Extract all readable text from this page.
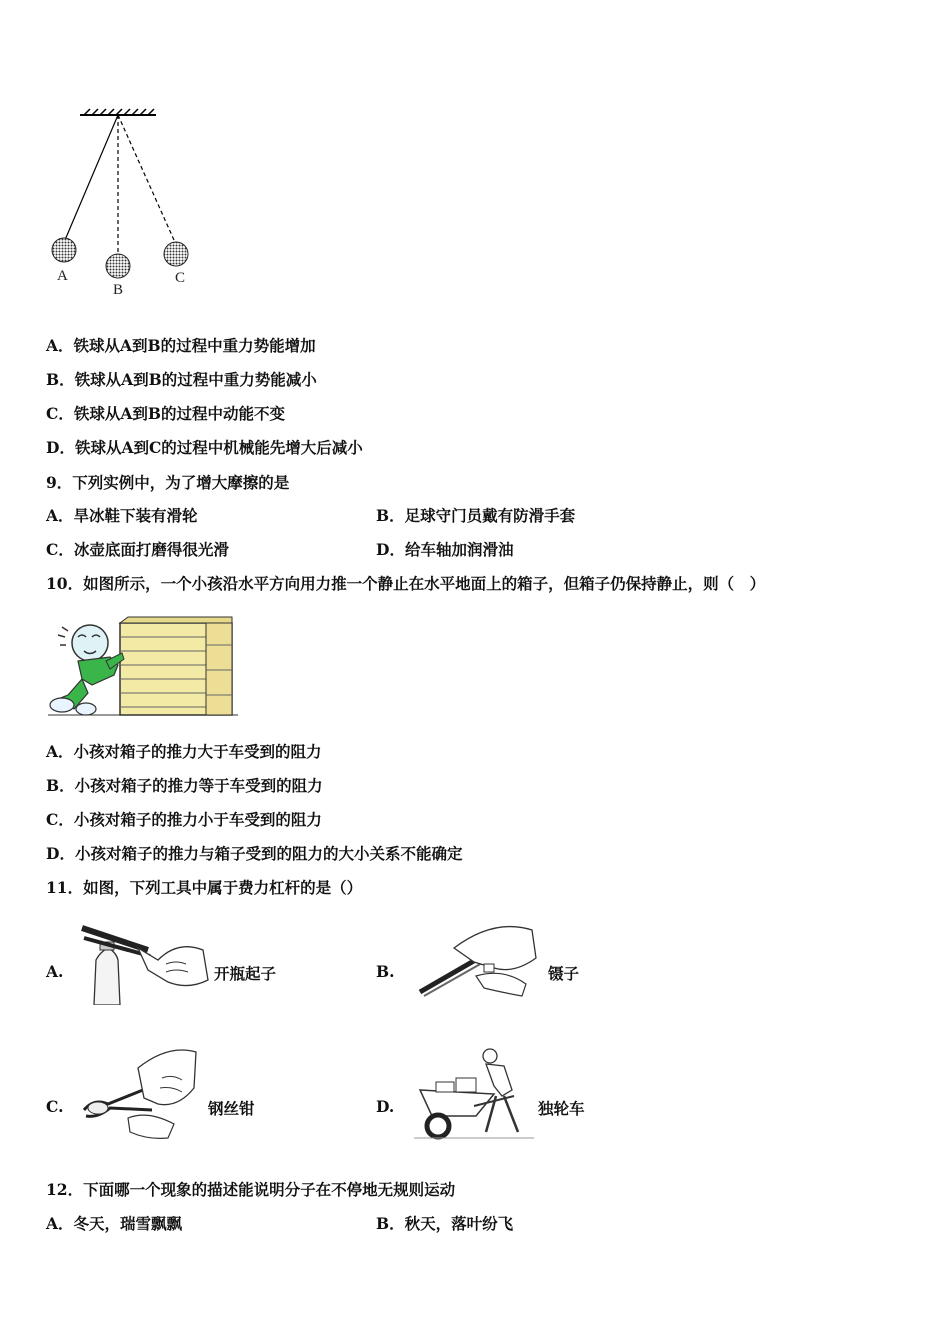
A
B
C
A．铁球从A到B的过程中重力势能增加
B．铁球从A到B的过程中重力势能减小
C．铁球从A到B的过程中动能不变
D．铁球从A到C的过程中机械能先增大后减小
9．下列实例中，为了增大摩擦的是
A．旱冰鞋下装有滑轮	B．足球守门员戴有防滑手套
C．冰壶底面打磨得很光滑	D．给车轴加润滑油
10．如图所示，一个小孩沿水平方向用力推一个静止在水平地面上的箱子，但箱子仍保持静止，则（　）
A．小孩对箱子的推力大于车受到的阻力
B．小孩对箱子的推力等于车受到的阻力
C．小孩对箱子的推力小于车受到的阻力
D．小孩对箱子的推力与箱子受到的阻力的大小关系不能确定
11．如图，下列工具中属于费力杠杆的是（）
A.	开瓶起子	B.	镊子
C.	钢丝钳	D.	独轮车
12．下面哪一个现象的描述能说明分子在不停地无规则运动
A．冬天，瑞雪飘飘	B．秋天，落叶纷飞
